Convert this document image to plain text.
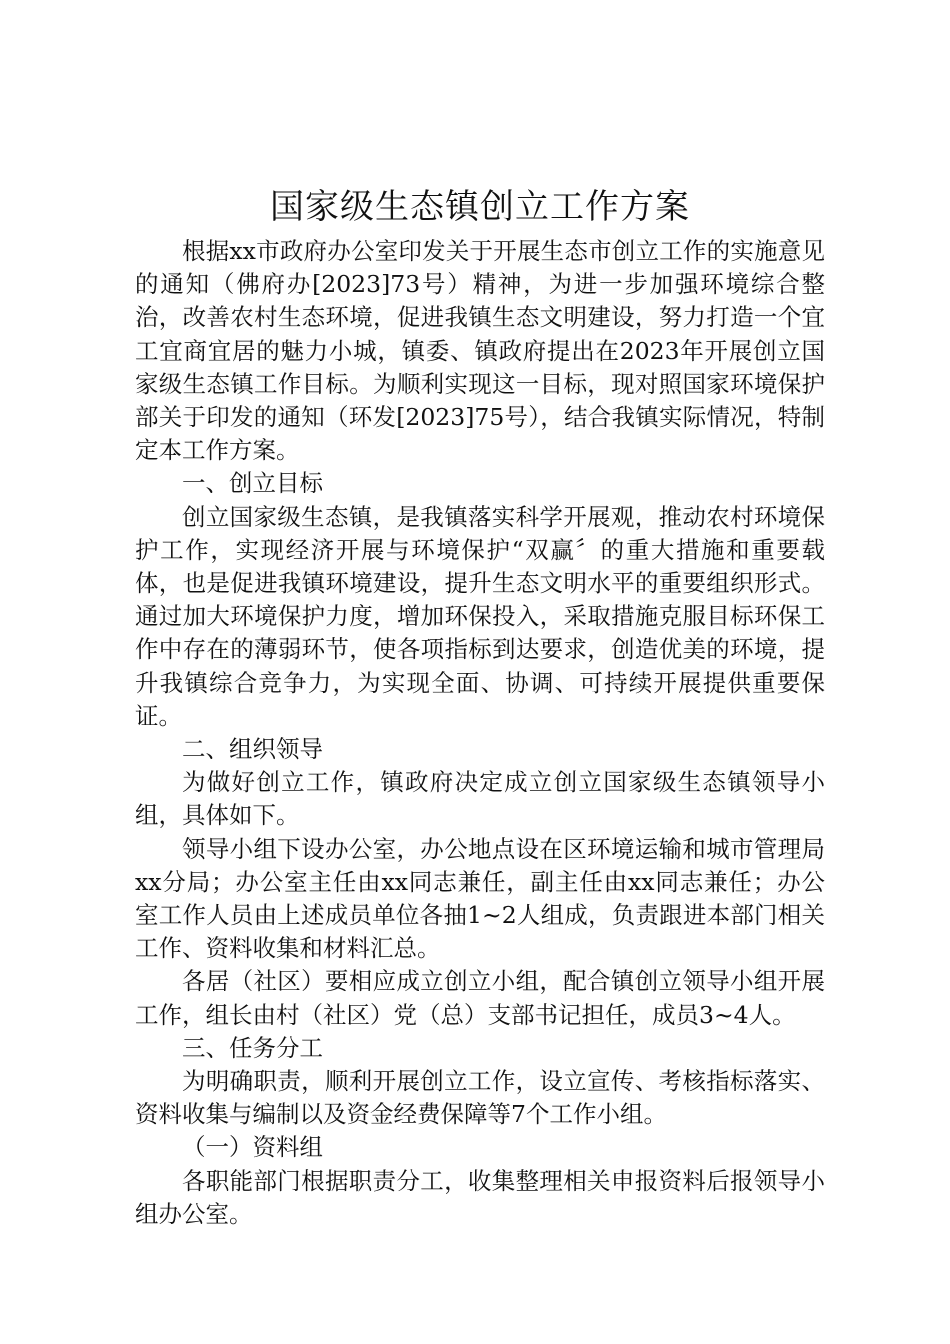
国家级生态镇创立工作方案

根据xx市政府办公室印发关于开展生态市创立工作的实施意见的通知（佛府办[2023]73号）精神，为进一步加强环境综合整治，改善农村生态环境，促进我镇生态文明建设，努力打造一个宜工宜商宜居的魅力小城，镇委、镇政府提出在2023年开展创立国家级生态镇工作目标。为顺利实现这一目标，现对照国家环境保护部关于印发的通知（环发[2023]75号），结合我镇实际情况，特制定本工作方案。

一、创立目标

创立国家级生态镇，是我镇落实科学开展观，推动农村环境保护工作，实现经济开展与环境保护“双赢〞的重大措施和重要载体，也是促进我镇环境建设，提升生态文明水平的重要组织形式。通过加大环境保护力度，增加环保投入，采取措施克服目标环保工作中存在的薄弱环节，使各项指标到达要求，创造优美的环境，提升我镇综合竞争力，为实现全面、协调、可持续开展提供重要保证。

二、组织领导

为做好创立工作，镇政府决定成立创立国家级生态镇领导小组，具体如下。

领导小组下设办公室，办公地点设在区环境运输和城市管理局xx分局；办公室主任由xx同志兼任，副主任由xx同志兼任；办公室工作人员由上述成员单位各抽1~2人组成，负责跟进本部门相关工作、资料收集和材料汇总。

各居（社区）要相应成立创立小组，配合镇创立领导小组开展工作，组长由村（社区）党（总）支部书记担任，成员3~4人。

三、任务分工

为明确职责，顺利开展创立工作，设立宣传、考核指标落实、资料收集与编制以及资金经费保障等7个工作小组。

（一）资料组

各职能部门根据职责分工，收集整理相关申报资料后报领导小组办公室。
